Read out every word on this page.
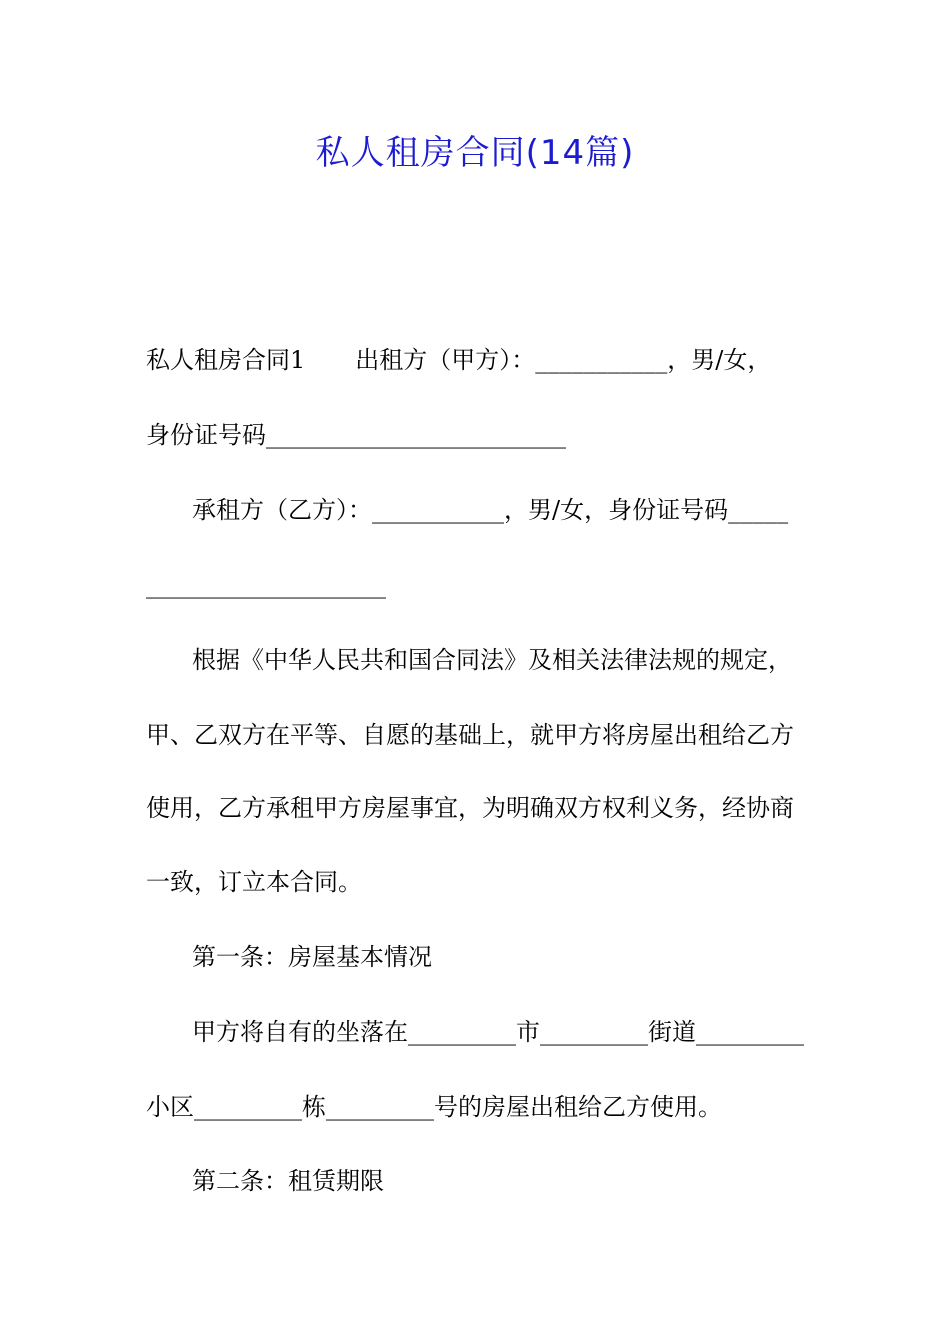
私人租房合同(14篇)
私人租房合同1 出租方（甲方）：___________，男/女，
身份证号码_________________________
承租方（乙方）：___________，男/女，身份证号码_____
____________________
根据《中华人民共和国合同法》及相关法律法规的规定，
甲、乙双方在平等、自愿的基础上，就甲方将房屋出租给乙方
使用，乙方承租甲方房屋事宜，为明确双方权利义务，经协商
一致，订立本合同。
第一条：房屋基本情况
甲方将自有的坐落在_________市_________街道_________
小区_________栋_________号的房屋出租给乙方使用。
第二条：租赁期限
